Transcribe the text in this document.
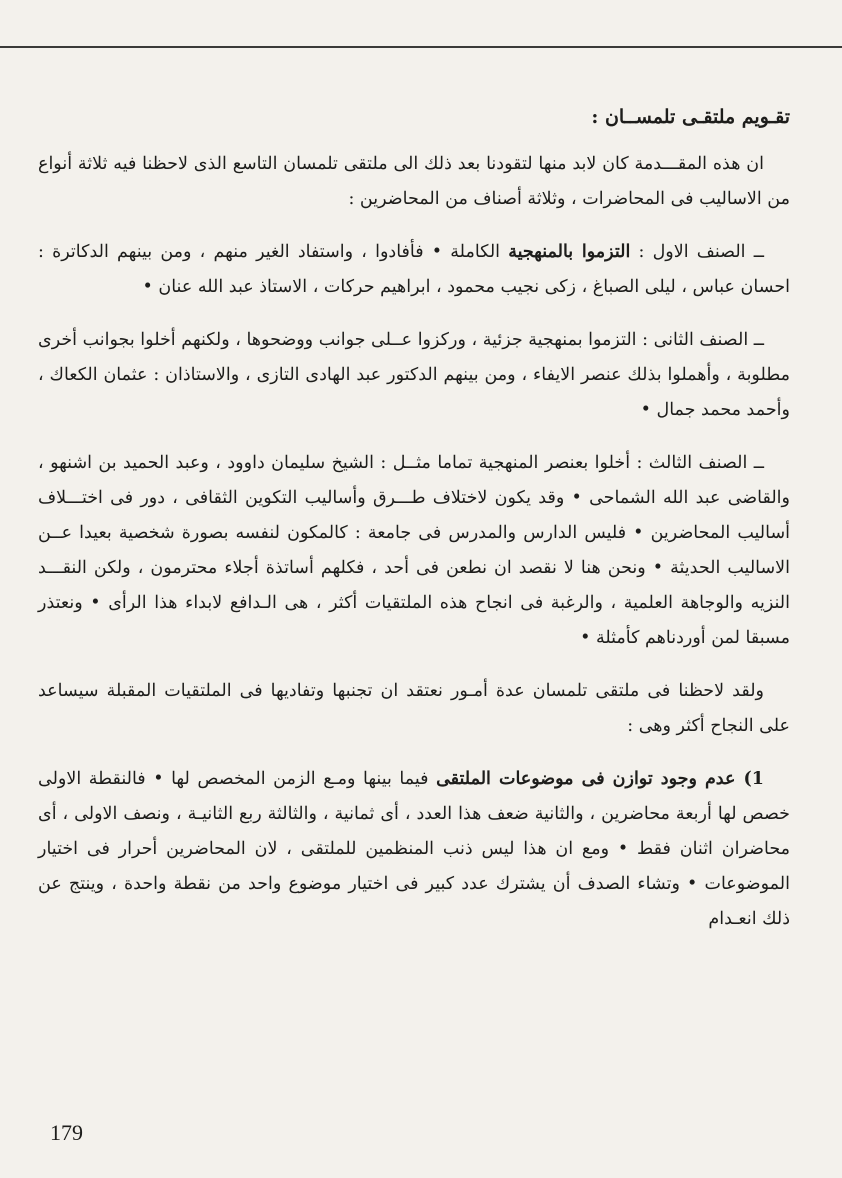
تقـويم ملتقـى تلمســان :

ان هذه المقـــدمة كان لابد منها لتقودنا بعد ذلك الى ملتقى تلمسان التاسع الذى لاحظنا فيه ثلاثة أنواع من الاساليب فى المحاضرات ، وثلاثة أصناف من المحاضرين :

ــ الصنف الاول : التزموا بالمنهجية الكاملة • فأفادوا ، واستفاد الغير منهم ، ومن بينهم الدكاترة : احسان عباس ، ليلى الصباغ ، زكى نجيب محمود ، ابراهيم حركات ، الاستاذ عبد الله عنان •

ــ الصنف الثانى : التزموا بمنهجية جزئية ، وركزوا عــلى جوانب ووضحوها ، ولكنهم أخلوا بجوانب أخرى مطلوبة ، وأهملوا بذلك عنصر الايفاء ، ومن بينهم الدكتور عبد الهادى التازى ، والاستاذان : عثمان الكعاك ، وأحمد محمد جمال •

ــ الصنف الثالث : أخلوا بعنصر المنهجية تماما مثــل : الشيخ سليمان داوود ، وعبد الحميد بن اشنهو ، والقاضى عبد الله الشماحى • وقد يكون لاختلاف طـــرق وأساليب التكوين الثقافى ، دور فى اختـــلاف أساليب المحاضرين • فليس الدارس والمدرس فى جامعة : كالمكون لنفسه بصورة شخصية بعيدا عــن الاساليب الحديثة • ونحن هنا لا نقصد ان نطعن فى أحد ، فكلهم أساتذة أجلاء محترمون ، ولكن النقـــد النزيه والوجاهة العلمية ، والرغبة فى انجاح هذه الملتقيات أكثر ، هى الـدافع لابداء هذا الرأى • ونعتذر مسبقا لمن أوردناهم كأمثلة •

ولقد لاحظنا فى ملتقى تلمسان عدة أمـور نعتقد ان تجنبها وتفاديها فى الملتقيات المقبلة سيساعد على النجاح أكثر وهى :

1) عدم وجود توازن فى موضوعات الملتقى فيما بينها ومـع الزمن المخصص لها • فالنقطة الاولى خصص لها أربعة محاضرين ، والثانية ضعف هذا العدد ، أى ثمانية ، والثالثة ربع الثانيـة ، ونصف الاولى ، أى محاضران اثنان فقط • ومع ان هذا ليس ذنب المنظمين للملتقى ، لان المحاضرين أحرار فى اختيار الموضوعات • وتشاء الصدف أن يشترك عدد كبير فى اختيار موضوع واحد من نقطة واحدة ، وينتج عن ذلك انعـدام

179
